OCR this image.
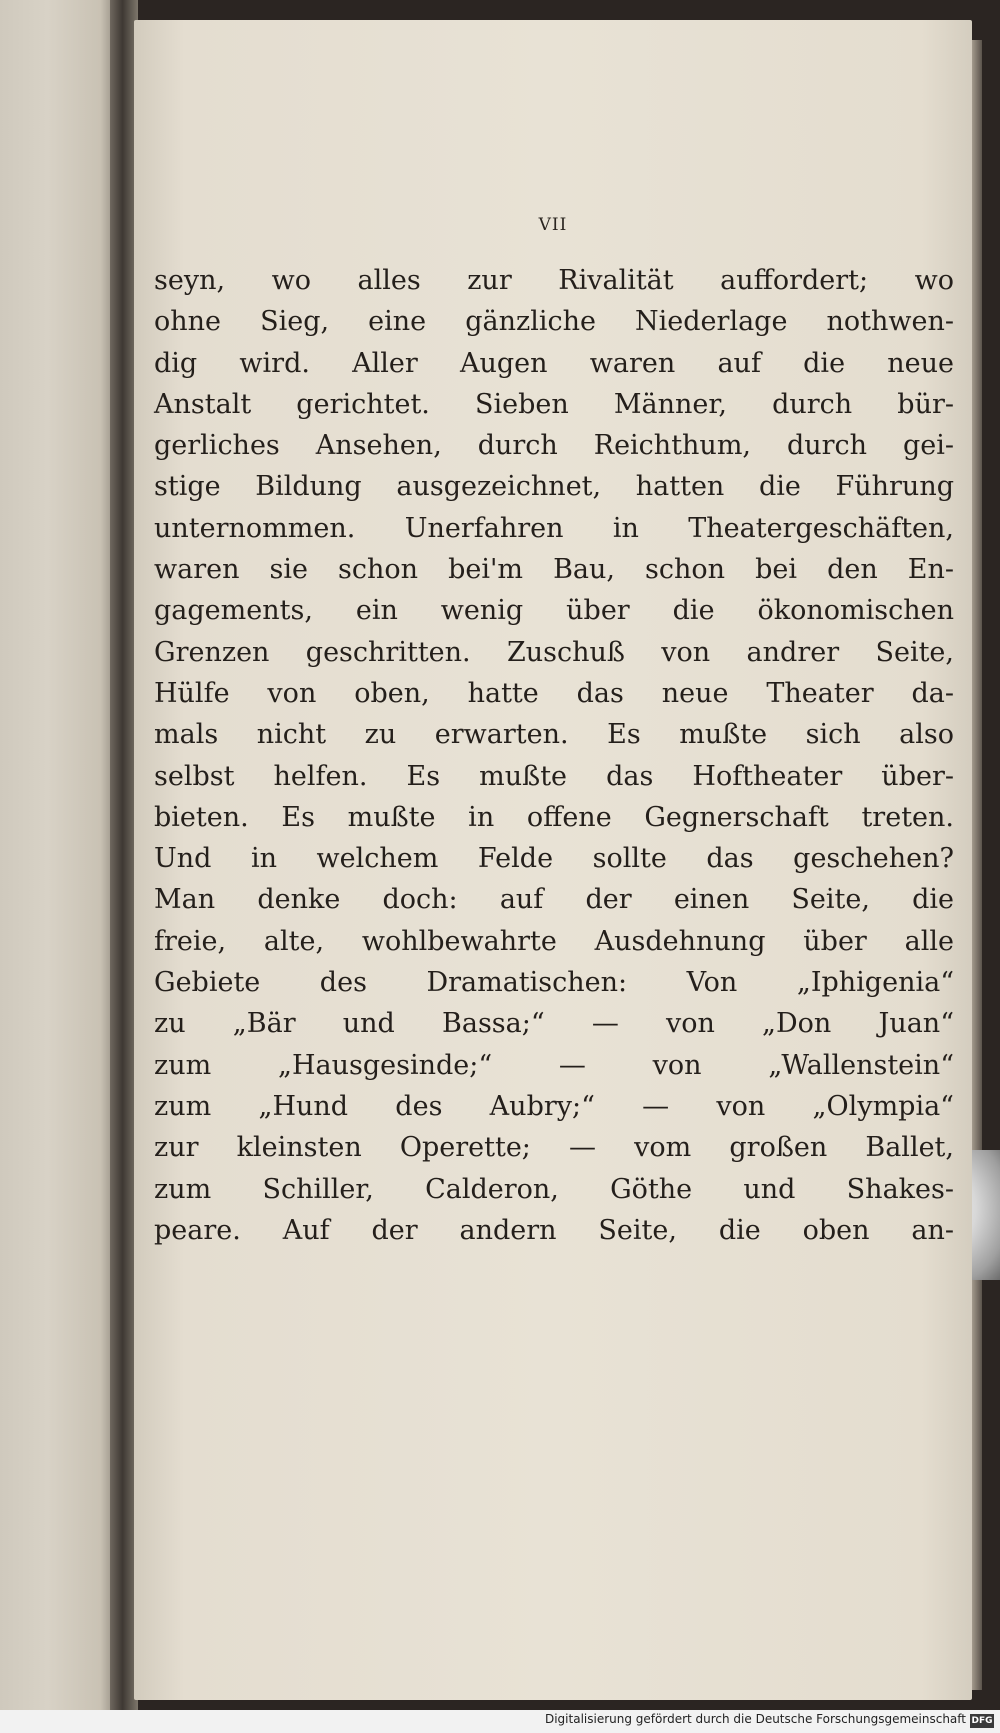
VII
seyn, wo alles zur Rivalität auffordert; wo
ohne Sieg, eine gänzliche Niederlage nothwen-
dig wird. Aller Augen waren auf die neue
Anstalt gerichtet. Sieben Männer, durch bür-
gerliches Ansehen, durch Reichthum, durch gei-
stige Bildung ausgezeichnet, hatten die Führung
unternommen. Unerfahren in Theatergeschäften,
waren sie schon bei'm Bau, schon bei den En-
gagements, ein wenig über die ökonomischen
Grenzen geschritten. Zuschuß von andrer Seite,
Hülfe von oben, hatte das neue Theater da-
mals nicht zu erwarten. Es mußte sich also
selbst helfen. Es mußte das Hoftheater über-
bieten. Es mußte in offene Gegnerschaft treten.
Und in welchem Felde sollte das geschehen?
Man denke doch: auf der einen Seite, die
freie, alte, wohlbewahrte Ausdehnung über alle
Gebiete des Dramatischen: Von „Iphigenia“
zu „Bär und Bassa;“ — von „Don Juan“
zum „Hausgesinde;“ — von „Wallenstein“
zum „Hund des Aubry;“ — von „Olympia“
zur kleinsten Operette; — vom großen Ballet,
zum Schiller, Calderon, Göthe und Shakes-
peare. Auf der andern Seite, die oben an-
Digitalisierung gefördert durch die Deutsche Forschungsgemeinschaft DFG
